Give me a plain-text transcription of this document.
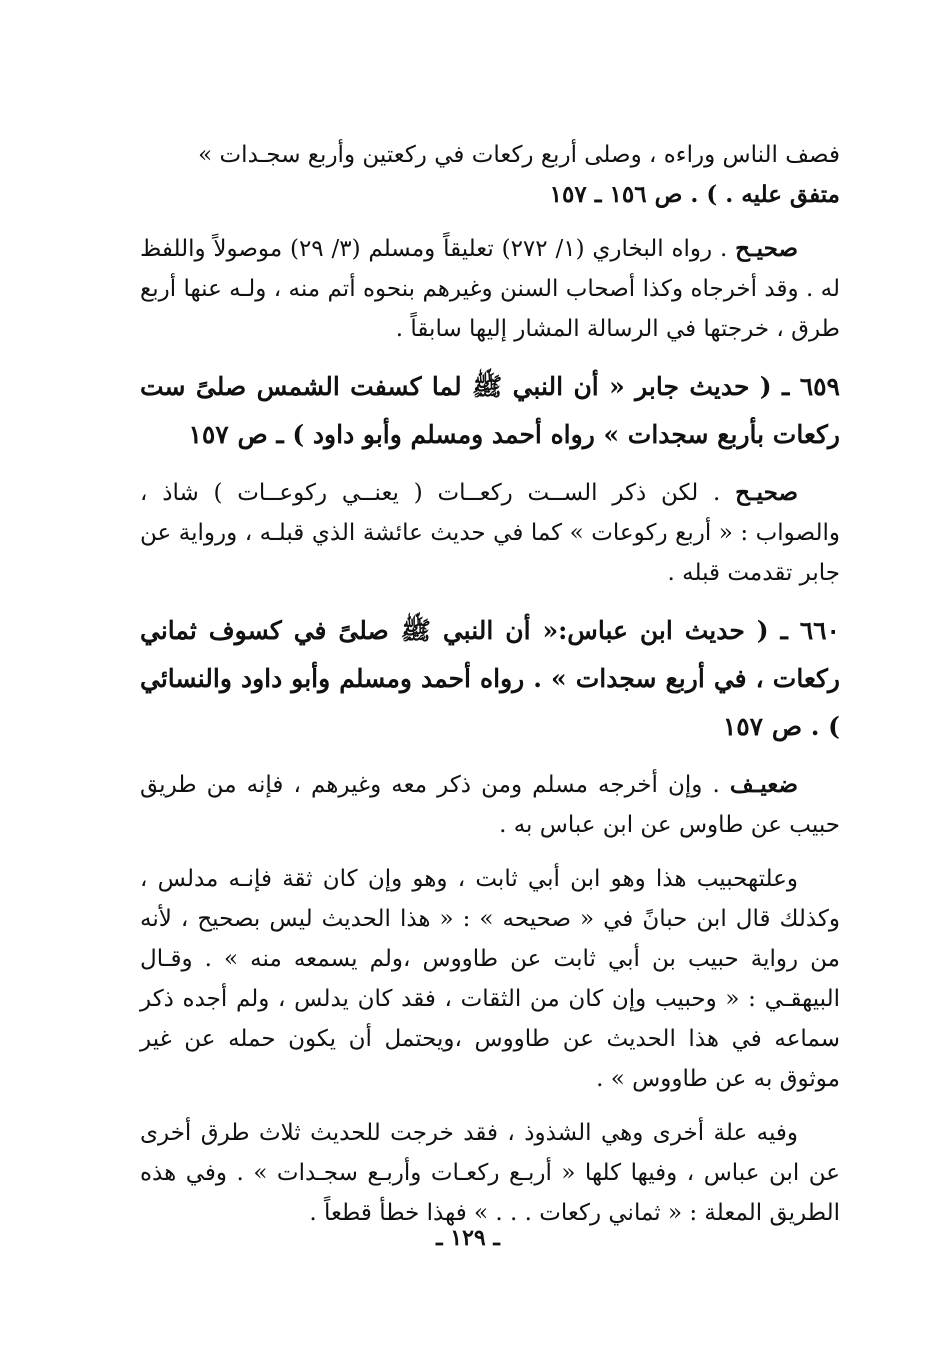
فصف الناس وراءه ، وصلى أربع ركعات في ركعتين وأربع سجـدات »
متفق عليه . ) . ص ١٥٦ ـ ١٥٧
صحيـح . رواه البخاري (١/ ٢٧٢) تعليقاً ومسلم (٣/ ٢٩) موصولاً واللفظ له . وقد أخرجاه وكذا أصحاب السنن وغيرهم بنحوه أتم منه ، ولـه عنها أربع طرق ، خرجتها في الرسالة المشار إليها سابقاً .
٦٥٩ ـ ( حديث جابر « أن النبي ﷺ لما كسفت الشمس صلىً ست ركعات بأربع سجدات » رواه أحمد ومسلم وأبو داود ) ـ ص ١٥٧
صحيـح . لكن ذكر الســت ركعــات ( يعنــي ركوعــات ) شاذ ، والصواب : « أربع ركوعات » كما في حديث عائشة الذي قبلـه ، ورواية عن جابر تقدمت قبله .
٦٦٠ ـ ( حديث ابن عباس:« أن النبي ﷺ صلىً في كسوف ثماني ركعات ، في أربع سجدات » . رواه أحمد ومسلم وأبو داود والنسائي ) . ص ١٥٧
ضعيـف . وإن أخرجه مسلم ومن ذكر معه وغيرهم ، فإنه من طريق حبيب عن طاوس عن ابن عباس به .
وعلتهحبيب هذا وهو ابن أبي ثابت ، وهو وإن كان ثقة فإنـه مدلس ، وكذلك قال ابن حبانً في « صحيحه » : « هذا الحديث ليس بصحيح ، لأنه من رواية حبيب بن أبي ثابت عن طاووس ،ولم يسمعه منه » . وقـال البيهقـي : « وحبيب وإن كان من الثقات ، فقد كان يدلس ، ولم أجده ذكر سماعه في هذا الحديث عن طاووس ،ويحتمل أن يكون حمله عن غير موثوق به عن طاووس » .
وفيه علة أخرى وهي الشذوذ ، فقد خرجت للحديث ثلاث طرق أخرى عن ابن عباس ، وفيها كلها « أربـع ركعـات وأربـع سجـدات » . وفي هذه الطريق المعلة : « ثماني ركعات . . . » فهذا خطأ قطعاً .
ـ ١٢٩ ـ
